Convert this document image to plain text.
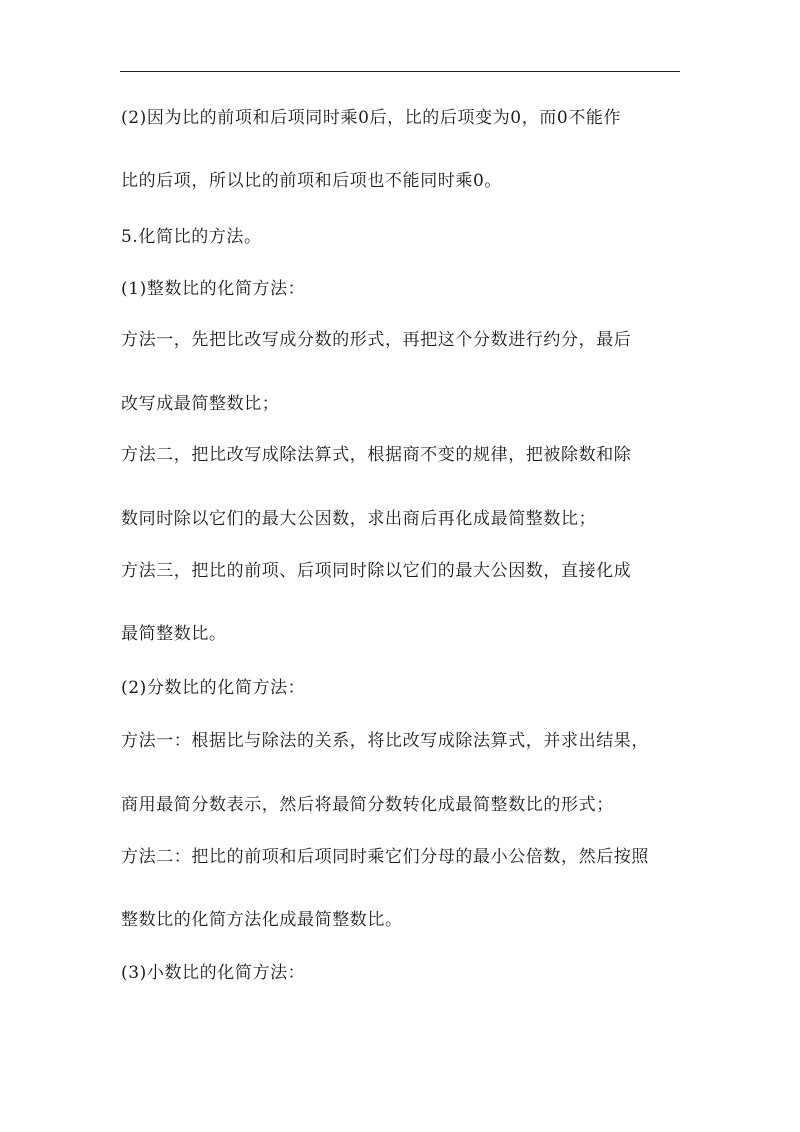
(2)因为比的前项和后项同时乘0后，比的后项变为0，而0不能作
比的后项，所以比的前项和后项也不能同时乘0。
5.化简比的方法。
(1)整数比的化简方法：
方法一，先把比改写成分数的形式，再把这个分数进行约分，最后
改写成最简整数比；
方法二，把比改写成除法算式，根据商不变的规律，把被除数和除
数同时除以它们的最大公因数，求出商后再化成最简整数比；
方法三，把比的前项、后项同时除以它们的最大公因数，直接化成
最简整数比。
(2)分数比的化简方法：
方法一：根据比与除法的关系，将比改写成除法算式，并求出结果，
商用最简分数表示，然后将最简分数转化成最简整数比的形式；
方法二：把比的前项和后项同时乘它们分母的最小公倍数，然后按照
整数比的化简方法化成最简整数比。
(3)小数比的化简方法：
